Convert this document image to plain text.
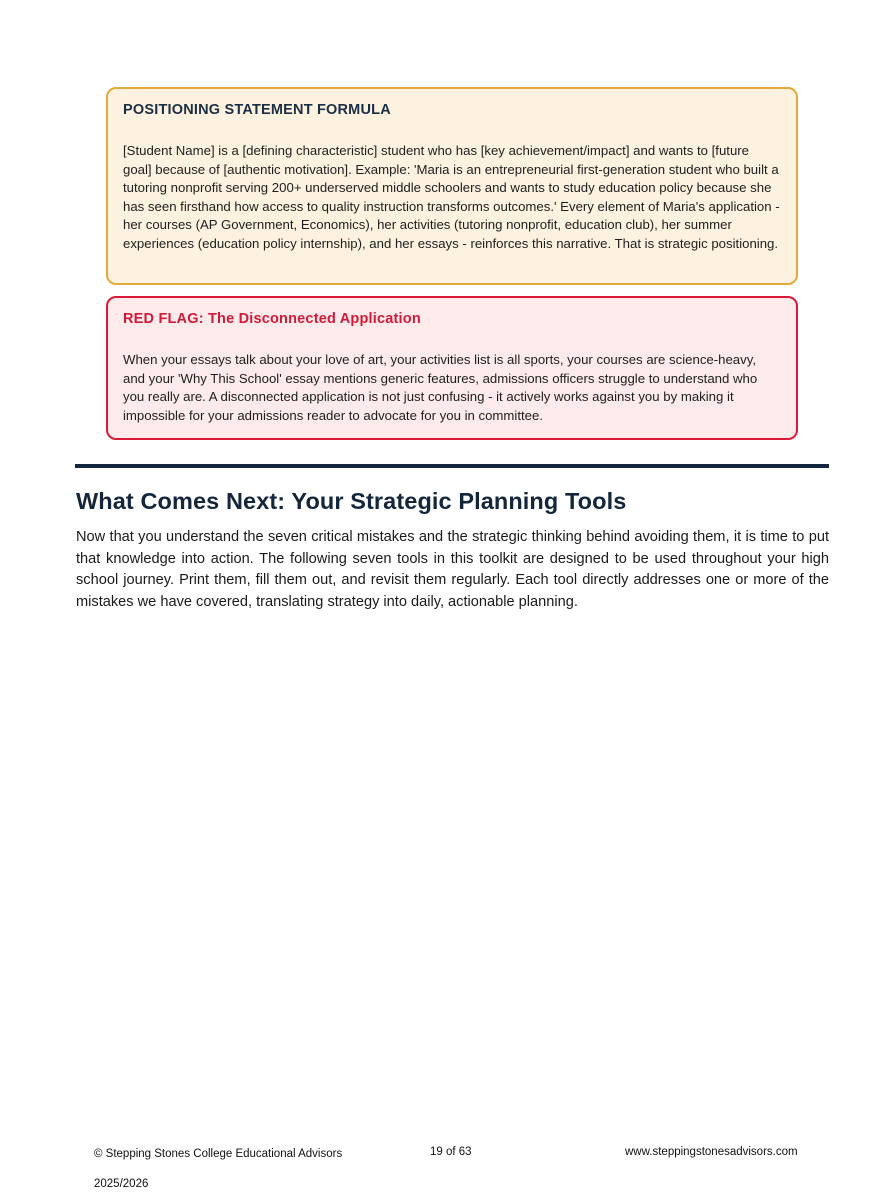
POSITIONING STATEMENT FORMULA
[Student Name] is a [defining characteristic] student who has [key achievement/impact] and wants to [future goal] because of [authentic motivation]. Example: 'Maria is an entrepreneurial first-generation student who built a tutoring nonprofit serving 200+ underserved middle schoolers and wants to study education policy because she has seen firsthand how access to quality instruction transforms outcomes.' Every element of Maria's application - her courses (AP Government, Economics), her activities (tutoring nonprofit, education club), her summer experiences (education policy internship), and her essays - reinforces this narrative. That is strategic positioning.
RED FLAG: The Disconnected Application
When your essays talk about your love of art, your activities list is all sports, your courses are science-heavy, and your 'Why This School' essay mentions generic features, admissions officers struggle to understand who you really are. A disconnected application is not just confusing - it actively works against you by making it impossible for your admissions reader to advocate for you in committee.
What Comes Next: Your Strategic Planning Tools

Now that you understand the seven critical mistakes and the strategic thinking behind avoiding them, it is time to put that knowledge into action. The following seven tools in this toolkit are designed to be used throughout your high school journey. Print them, fill them out, and revisit them regularly. Each tool directly addresses one or more of the mistakes we have covered, translating strategy into daily, actionable planning.

© Stepping Stones College Educational Advisors	19 of 63	www.steppingstonesadvisors.com
2025/2026
